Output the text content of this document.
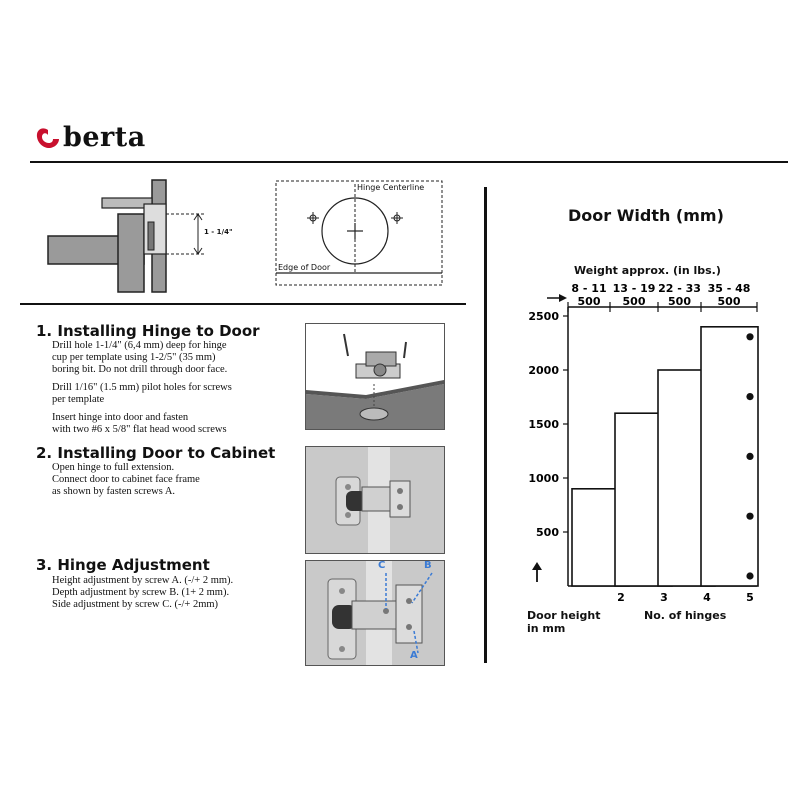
berta
1 - 1/4"
Hinge Centerline
Edge of Door
1. Installing Hinge to Door
Drill hole 1-1/4" (6,4 mm) deep for hinge
cup per template using 1-2/5" (35 mm)
boring bit. Do not drill through door face.
Drill 1/16" (1.5 mm) pilot holes for screws
per template
Insert hinge into door and fasten
with two #6 x 5/8" flat head wood screws
2. Installing Door to Cabinet
Open hinge to full extension.
Connect door to cabinet face frame
as shown by fasten screws A.
3. Hinge Adjustment
Height adjustment by screw A. (-/+ 2 mm).
Depth adjustment by screw B. (1+ 2 mm).
Side adjustment by screw C. (-/+ 2mm)
C	B
A
Door Width (mm)
Weight approx. (in lbs.)
8 - 11
500
13 - 19
500
22 - 33
500
35 - 48
500
2500
2000
1500
1000
500
2	3	4	5
No. of hinges
Door height
in mm
